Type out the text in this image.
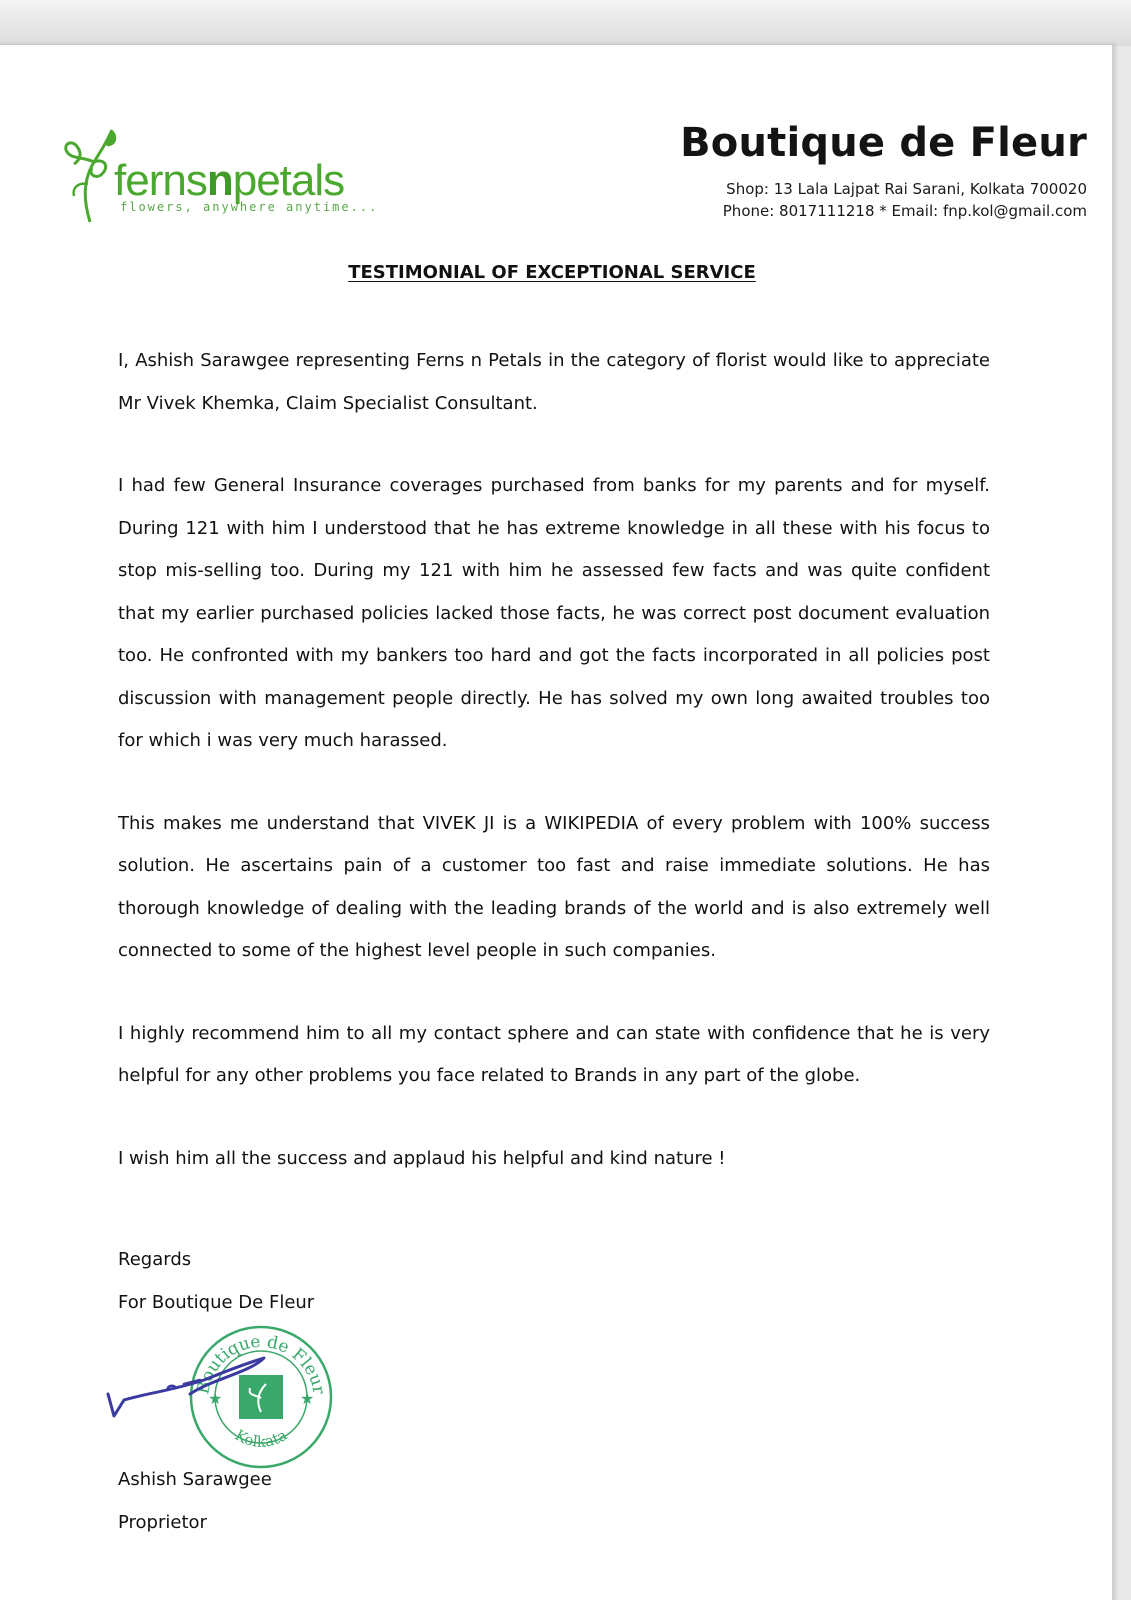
fernsnpetals
flowers, anywhere anytime...
Boutique de Fleur
Shop: 13 Lala Lajpat Rai Sarani, Kolkata 700020
Phone: 8017111218 * Email: fnp.kol@gmail.com
TESTIMONIAL OF EXCEPTIONAL SERVICE

I, Ashish Sarawgee representing Ferns n Petals in the category of florist would like to appreciate Mr Vivek Khemka, Claim Specialist Consultant.

I had few General Insurance coverages purchased from banks for my parents and for myself. During 121 with him I understood that he has extreme knowledge in all these with his focus to stop mis-selling too. During my 121 with him he assessed few facts and was quite confident that my earlier purchased policies lacked those facts, he was correct post document evaluation too. He confronted with my bankers too hard and got the facts incorporated in all policies post discussion with management people directly. He has solved my own long awaited troubles too for which i was very much harassed.

This makes me understand that VIVEK JI is a WIKIPEDIA of every problem with 100% success solution. He ascertains pain of a customer too fast and raise immediate solutions. He has thorough knowledge of dealing with the leading brands of the world and is also extremely well connected to some of the highest level people in such companies.

I highly recommend him to all my contact sphere and can state with confidence that he is very helpful for any other problems you face related to Brands in any part of the globe.

I wish him all the success and applaud his helpful and kind nature !

Regards
For Boutique De Fleur
Boutique de Fleur
Kolkata
★	★
Ashish Sarawgee
Proprietor
